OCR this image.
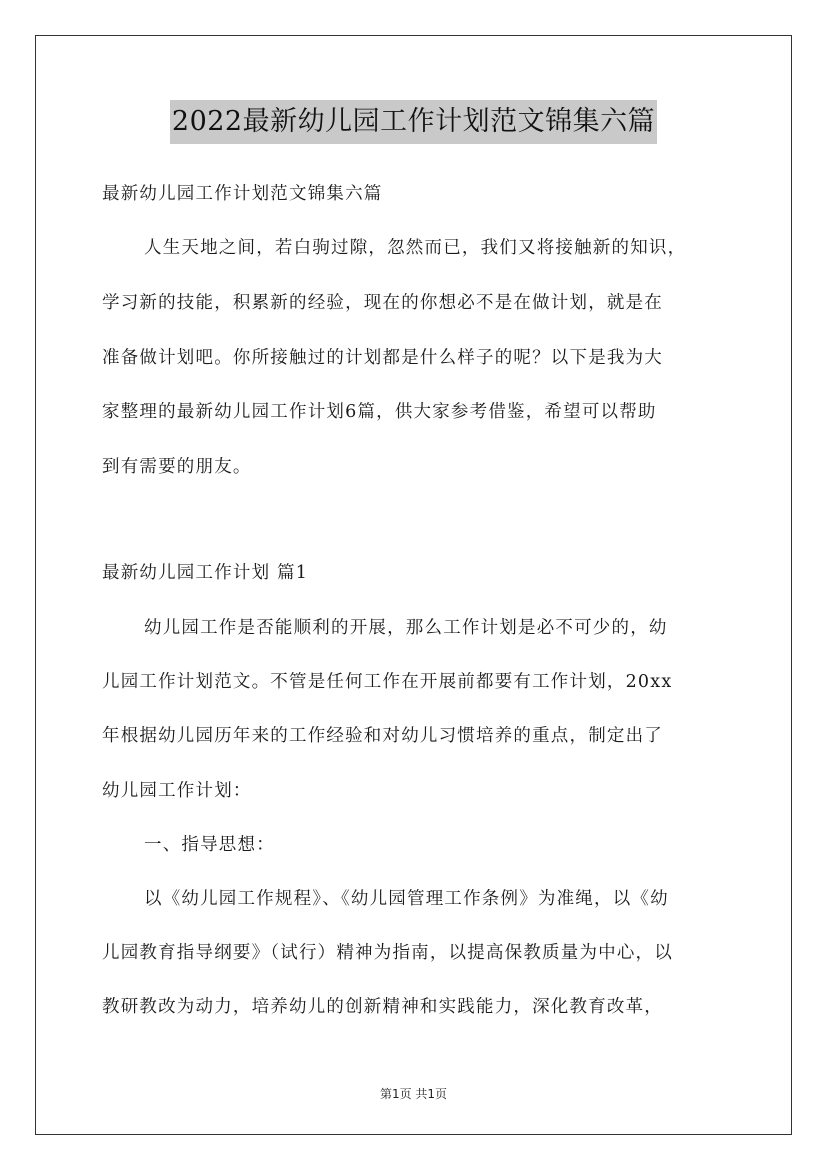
2022最新幼儿园工作计划范文锦集六篇
最新幼儿园工作计划范文锦集六篇
人生天地之间，若白驹过隙，忽然而已，我们又将接触新的知识，
学习新的技能，积累新的经验，现在的你想必不是在做计划，就是在
准备做计划吧。你所接触过的计划都是什么样子的呢？以下是我为大
家整理的最新幼儿园工作计划6篇，供大家参考借鉴，希望可以帮助
到有需要的朋友。
最新幼儿园工作计划 篇1
幼儿园工作是否能顺利的开展，那么工作计划是必不可少的，幼
儿园工作计划范文。不管是任何工作在开展前都要有工作计划，20xx
年根据幼儿园历年来的工作经验和对幼儿习惯培养的重点，制定出了
幼儿园工作计划：
一、指导思想：
以《幼儿园工作规程》、《幼儿园管理工作条例》为准绳，以《幼
儿园教育指导纲要》（试行）精神为指南，以提高保教质量为中心，以
教研教改为动力，培养幼儿的创新精神和实践能力，深化教育改革，
第1页 共1页
